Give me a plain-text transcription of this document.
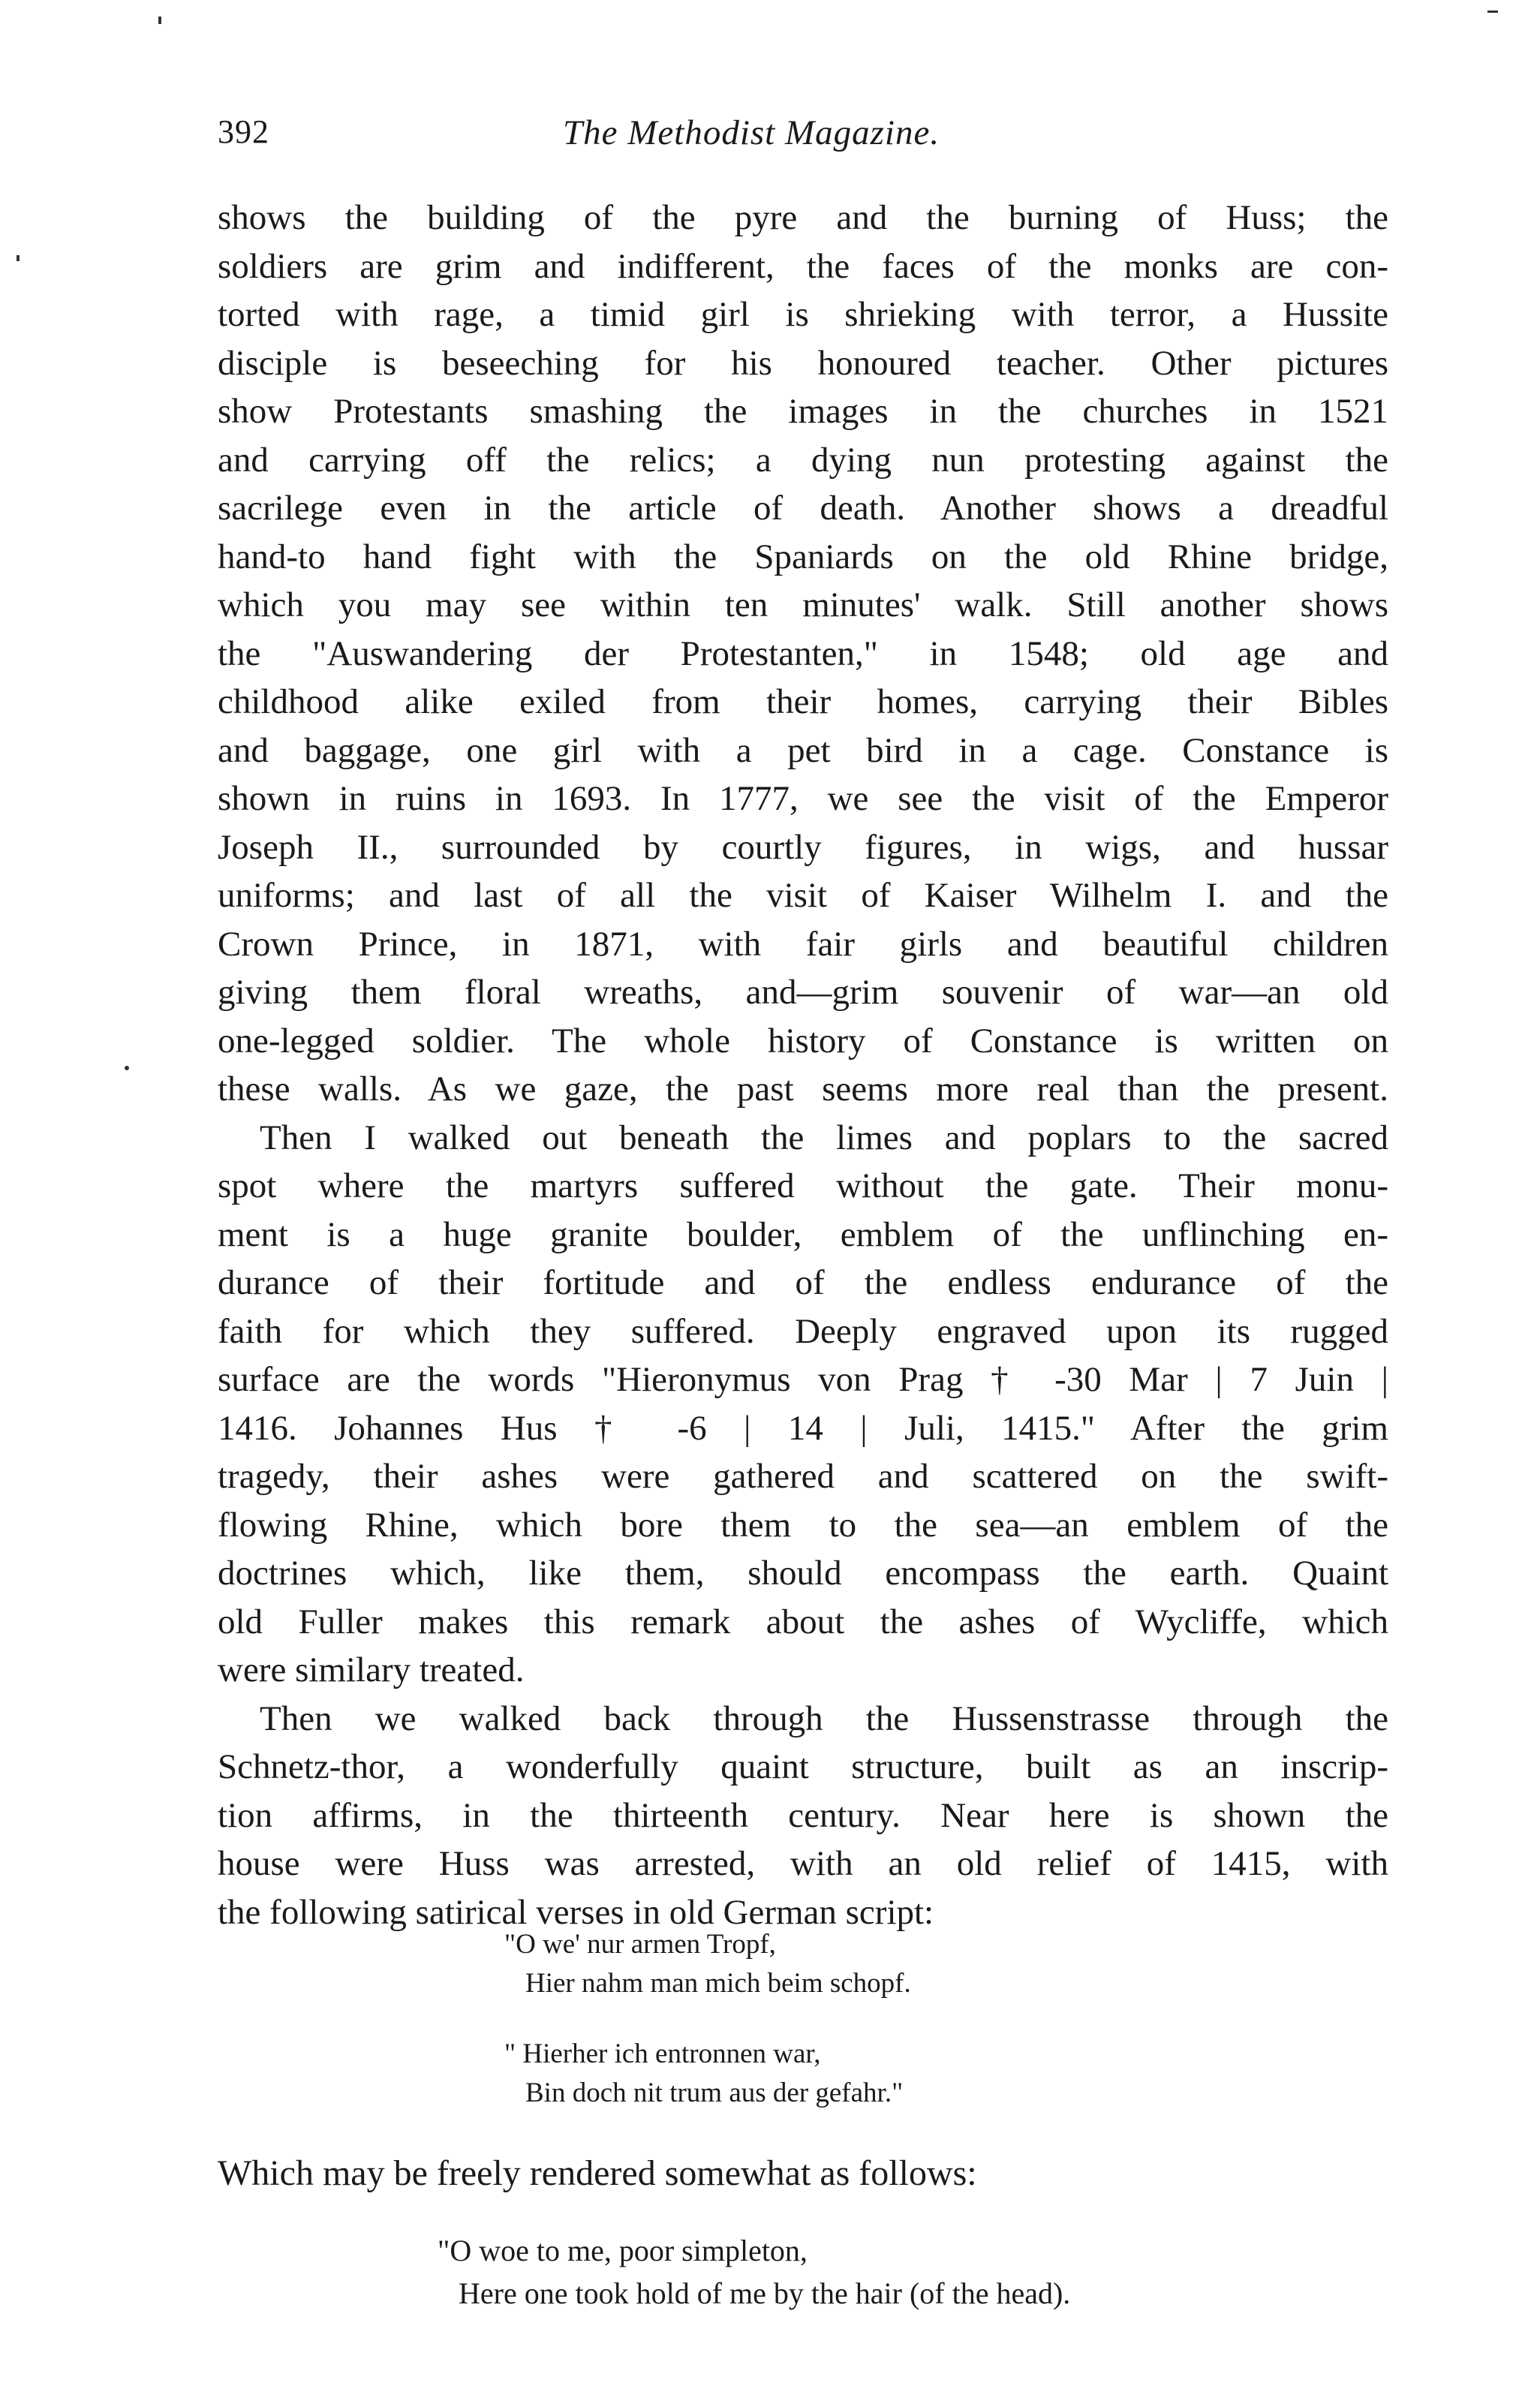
392	The Methodist Magazine.
shows the building of the pyre and the burning of Huss; the
soldiers are grim and indifferent, the faces of the monks are con-
torted with rage, a timid girl is shrieking with terror, a Hussite
disciple is beseeching for his honoured teacher. Other pictures
show Protestants smashing the images in the churches in 1521
and carrying off the relics; a dying nun protesting against the
sacrilege even in the article of death. Another shows a dreadful
hand-to hand fight with the Spaniards on the old Rhine bridge,
which you may see within ten minutes' walk. Still another shows
the "Auswandering der Protestanten," in 1548; old age and
childhood alike exiled from their homes, carrying their Bibles
and baggage, one girl with a pet bird in a cage. Constance is
shown in ruins in 1693. In 1777, we see the visit of the Emperor
Joseph II., surrounded by courtly figures, in wigs, and hussar
uniforms; and last of all the visit of Kaiser Wilhelm I. and the
Crown Prince, in 1871, with fair girls and beautiful children
giving them floral wreaths, and—grim souvenir of war—an old
one-legged soldier. The whole history of Constance is written on
these walls. As we gaze, the past seems more real than the present.
Then I walked out beneath the limes and poplars to the sacred
spot where the martyrs suffered without the gate. Their monu-
ment is a huge granite boulder, emblem of the unflinching en-
durance of their fortitude and of the endless endurance of the
faith for which they suffered. Deeply engraved upon its rugged
surface are the words "Hieronymus von Prag † -30 Mar | 7 Juin |
1416. Johannes Hus † -6 | 14 | Juli, 1415." After the grim
tragedy, their ashes were gathered and scattered on the swift-
flowing Rhine, which bore them to the sea—an emblem of the
doctrines which, like them, should encompass the earth. Quaint
old Fuller makes this remark about the ashes of Wycliffe, which
were similary treated.
Then we walked back through the Hussenstrasse through the
Schnetz-thor, a wonderfully quaint structure, built as an inscrip-
tion affirms, in the thirteenth century. Near here is shown the
house were Huss was arrested, with an old relief of 1415, with
the following satirical verses in old German script:
"O we' nur armen Tropf,
Hier nahm man mich beim schopf.
" Hierher ich entronnen war,
Bin doch nit trum aus der gefahr."
Which may be freely rendered somewhat as follows:
"O woe to me, poor simpleton,
Here one took hold of me by the hair (of the head).
